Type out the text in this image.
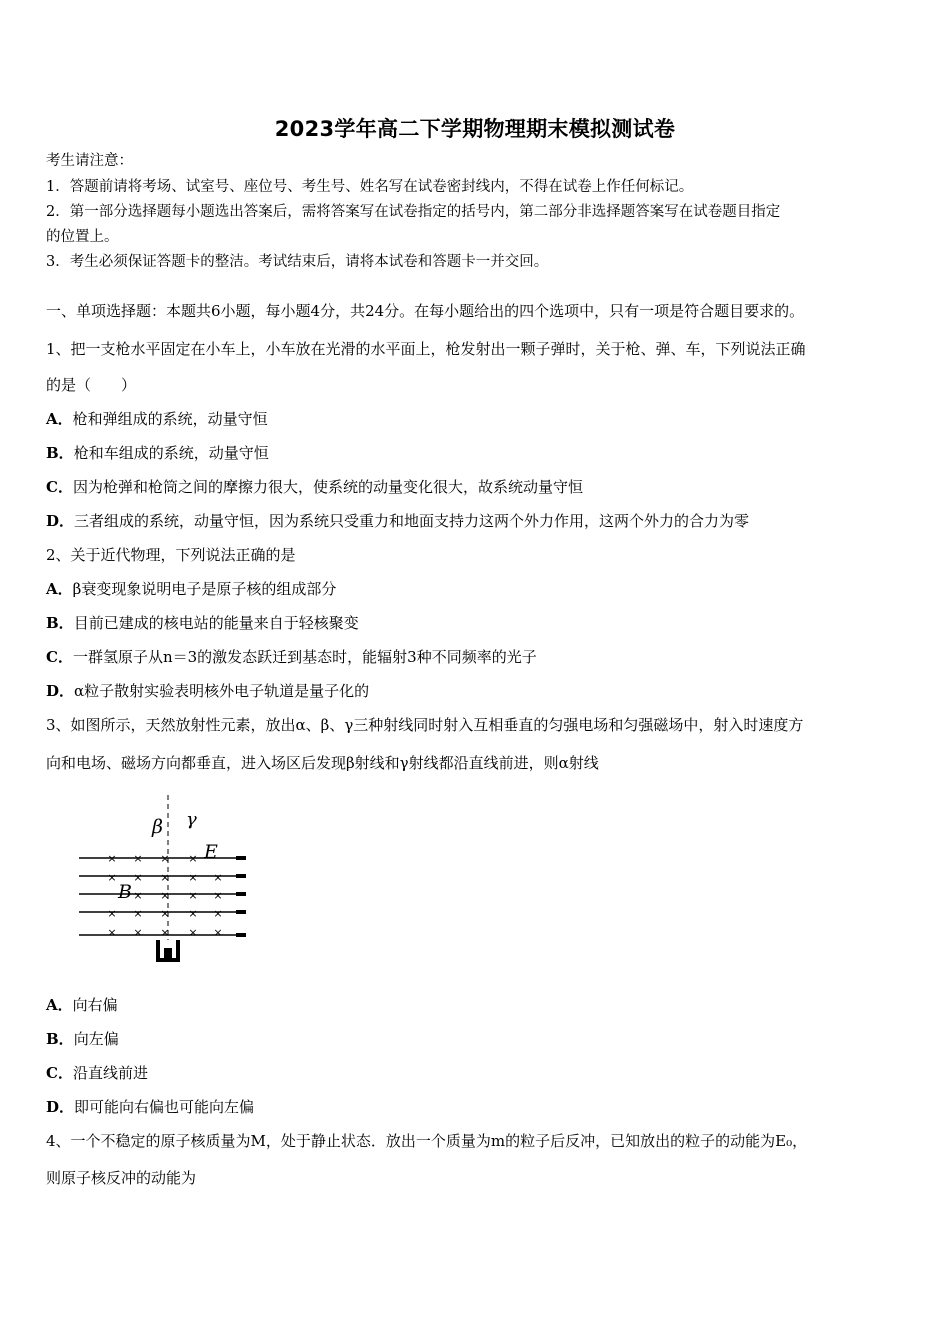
2023学年高二下学期物理期末模拟测试卷
考生请注意：
1．答题前请将考场、试室号、座位号、考生号、姓名写在试卷密封线内，不得在试卷上作任何标记。
2．第一部分选择题每小题选出答案后，需将答案写在试卷指定的括号内，第二部分非选择题答案写在试卷题目指定
的位置上。
3．考生必须保证答题卡的整洁。考试结束后，请将本试卷和答题卡一并交回。
一、单项选择题：本题共6小题，每小题4分，共24分。在每小题给出的四个选项中，只有一项是符合题目要求的。
1、把一支枪水平固定在小车上，小车放在光滑的水平面上，枪发射出一颗子弹时，关于枪、弹、车，下列说法正确
的是（　　）
A．枪和弹组成的系统，动量守恒
B．枪和车组成的系统，动量守恒
C．因为枪弹和枪筒之间的摩擦力很大，使系统的动量变化很大，故系统动量守恒
D．三者组成的系统，动量守恒，因为系统只受重力和地面支持力这两个外力作用，这两个外力的合力为零
2、关于近代物理，下列说法正确的是
A．β衰变现象说明电子是原子核的组成部分
B．目前已建成的核电站的能量来自于轻核聚变
C．一群氢原子从n＝3的激发态跃迁到基态时，能辐射3种不同频率的光子
D．α粒子散射实验表明核外电子轨道是量子化的
3、如图所示，天然放射性元素，放出α、β、γ三种射线同时射入互相垂直的匀强电场和匀强磁场中，射入时速度方
向和电场、磁场方向都垂直，进入场区后发现β射线和γ射线都沿直线前进，则α射线
β γ
E
B
× × × ×
× × × × ×
× × × ×
× × × × ×
× × × × ×
A．向右偏
B．向左偏
C．沿直线前进
D．即可能向右偏也可能向左偏
4、一个不稳定的原子核质量为M，处于静止状态．放出一个质量为m的粒子后反冲，已知放出的粒子的动能为E₀，
则原子核反冲的动能为
